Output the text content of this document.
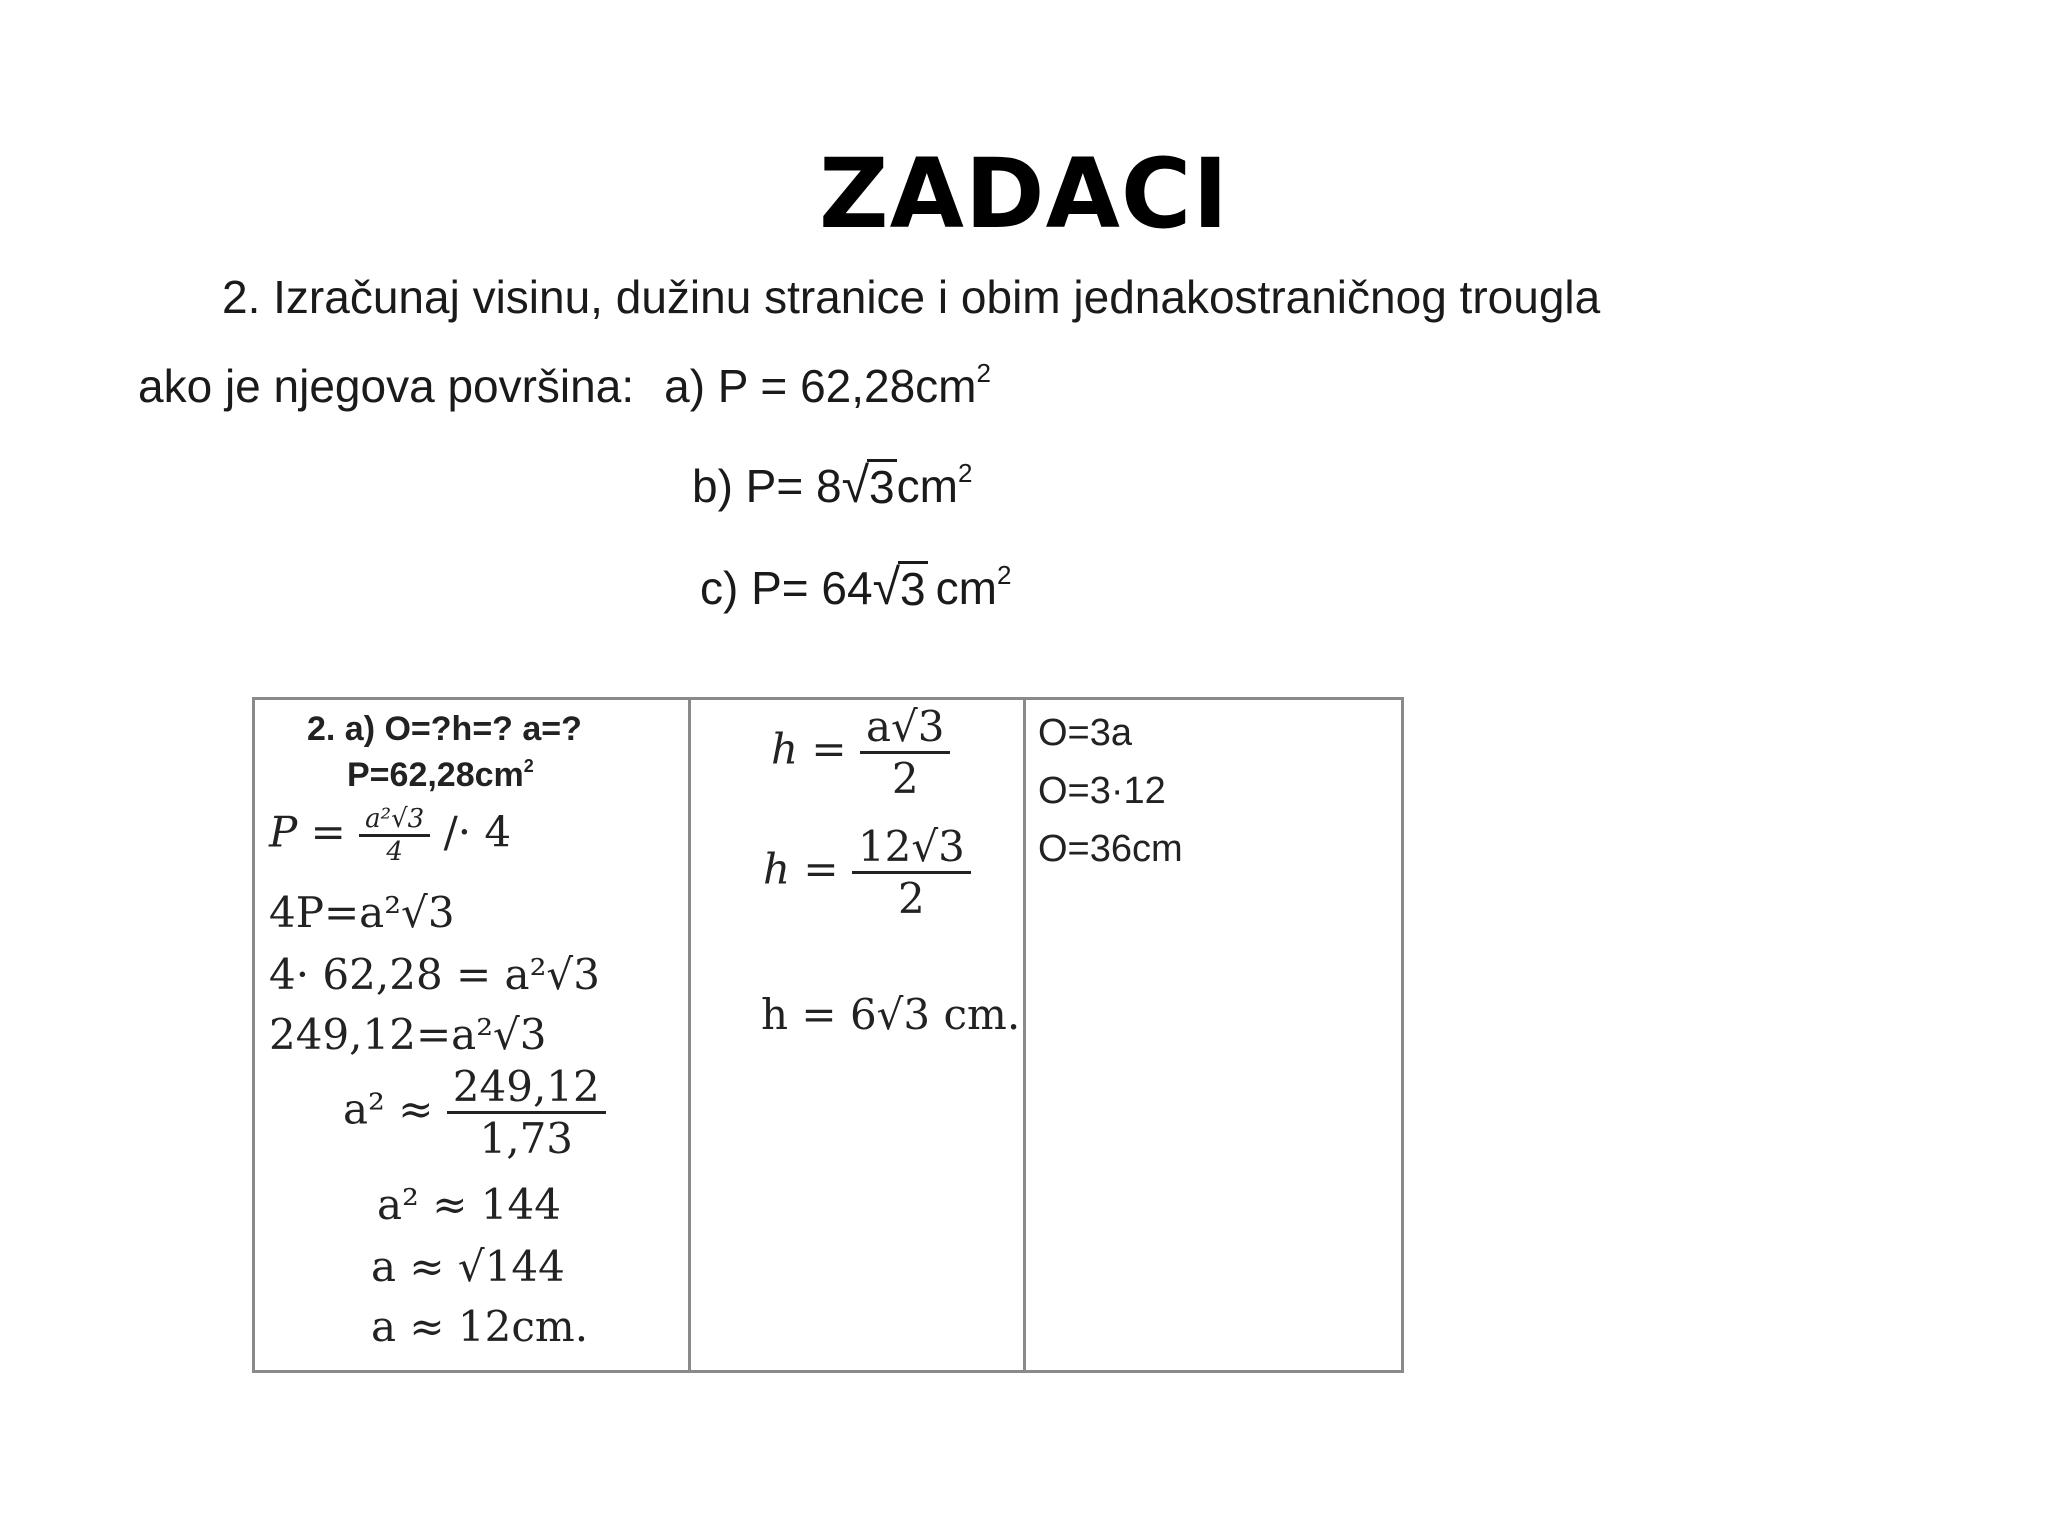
ZADACI
2. Izračunaj visinu, dužinu stranice i obim jednakostraničnog trougla
ako je njegova površina: a) $P = 62,28cm^2$
b) P= 8 √ 3 $cm^2$
c) P= 64 √ 3 $cm^2$
2. a) O=?h=? a=?
$P=62,28cm^2$
$P = \frac{\text{a²√3}}{4} /\cdot 4$
4P=a²√3
4· 62,28 = a²√3
249,12=a²√3
$a^2 \approx \frac{249,12}{1,73}$
a² ≈ 144
a ≈ √144
a ≈ 12cm.
$h = \frac{a√3}{2}$
$h = \frac{12√3}{2}$
h = 6√3 cm.
O=3a
O=3·12
O=36cm
